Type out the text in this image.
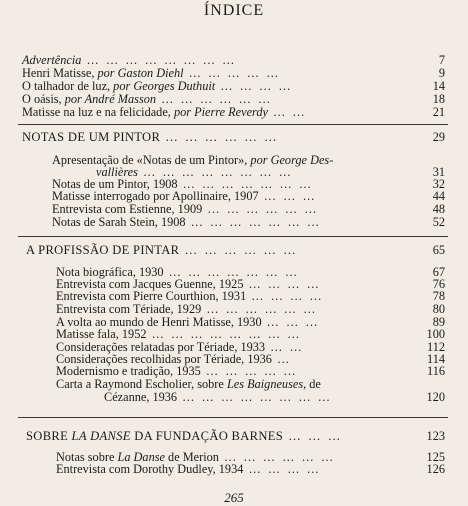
ÍNDICE
Advertência … … … … … … … …	7
Henri Matisse, por Gaston Diehl … … … … …	9
O talhador de luz, por Georges Duthuit … … … …	14
O oásis, por André Masson … … … … … …	18
Matisse na luz e na felicidade, por Pierre Reverdy … …	21
NOTAS DE UM PINTOR … … … … … …	29
Apresentação de «Notas de um Pintor», por George Des-
vallières … … … … … … … …	31
Notas de um Pintor, 1908 … … … … … … …	32
Matisse interrogado por Apollinaire, 1907 … … …	44
Entrevista com Estienne, 1909 … … … … … …	48
Notas de Sarah Stein, 1908 … … … … … … …	52
A PROFISSÃO DE PINTAR … … … … … …	65
Nota biográfica, 1930 … … … … … … …	67
Entrevista com Jacques Guenne, 1925 … … … …	76
Entrevista com Pierre Courthion, 1931 … … … …	78
Entrevista com Tériade, 1929 … … … … … …	80
A volta ao mundo de Henri Matisse, 1930 … … …	89
Matisse fala, 1952 … … … … … … … …	100
Considerações relatadas por Tériade, 1933 … …	112
Considerações recolhidas por Tériade, 1936 …	114
Modernismo e tradição, 1935 … … … … …	116
Carta a Raymond Escholier, sobre Les Baigneuses, de
Cézanne, 1936 … … … … … … … …	120
SOBRE LA DANSE DA FUNDAÇÃO BARNES … … …	123
Notas sobre La Danse de Merion … … … … … …	125
Entrevista com Dorothy Dudley, 1934 … … … …	126
265
